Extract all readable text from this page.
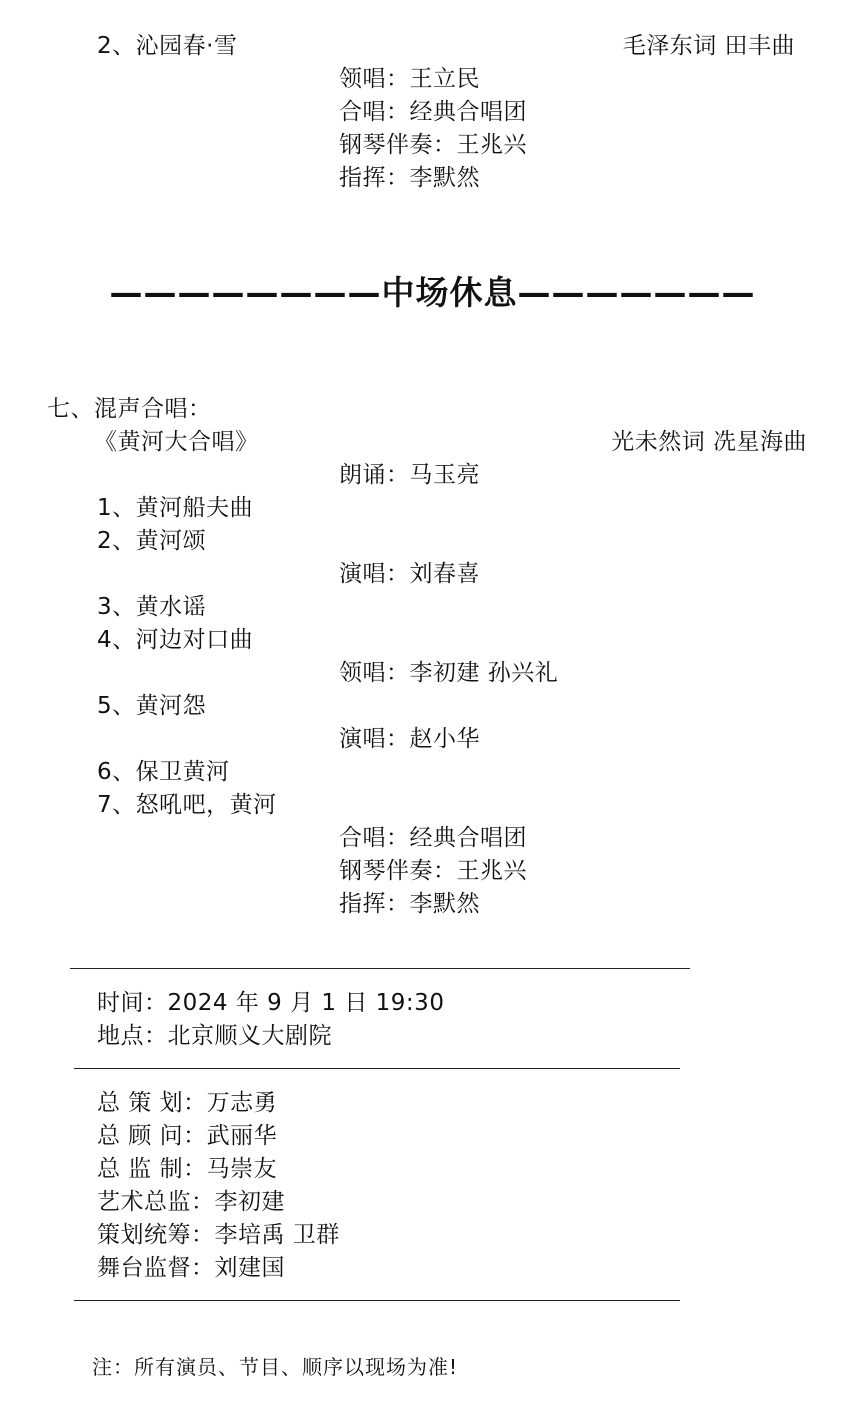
2、沁园春·雪	毛泽东词 田丰曲
领唱：王立民
合唱：经典合唱团
钢琴伴奏：王兆兴
指挥：李默然
————————中场休息———————
七、混声合唱：
《黄河大合唱》	光未然词 冼星海曲
朗诵：马玉亮
1、黄河船夫曲
2、黄河颂
演唱：刘春喜
3、黄水谣
4、河边对口曲
领唱：李初建 孙兴礼
5、黄河怨
演唱：赵小华
6、保卫黄河
7、怒吼吧，黄河
合唱：经典合唱团
钢琴伴奏：王兆兴
指挥：李默然
时间：2024 年 9 月 1 日 19:30
地点：北京顺义大剧院
总 策 划：万志勇
总 顾 问：武丽华
总 监 制：马崇友
艺术总监：李初建
策划统筹：李培禹 卫群
舞台监督：刘建国
注：所有演员、节目、顺序以现场为准!
